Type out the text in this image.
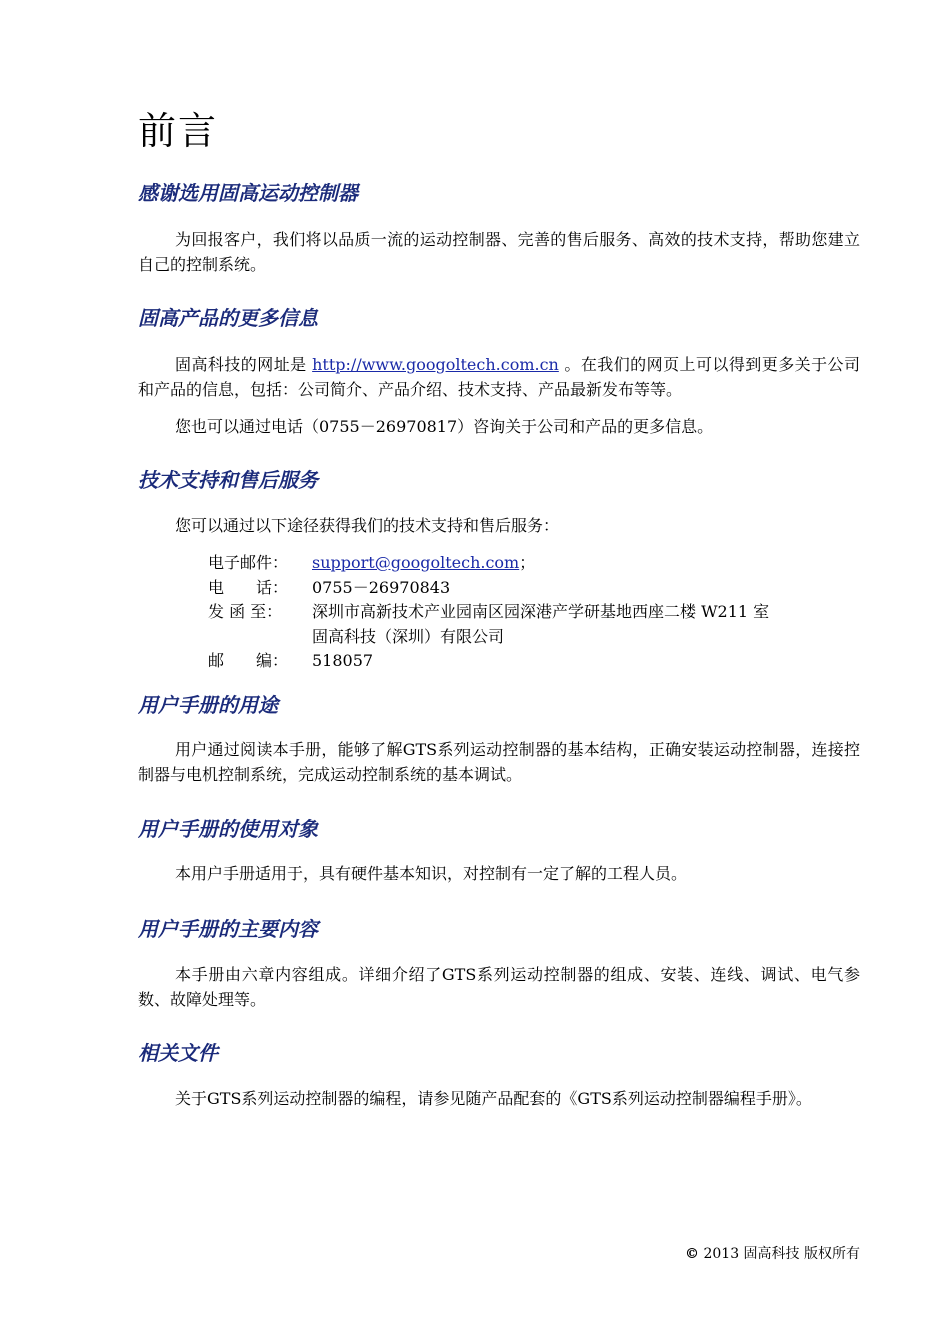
前言
感谢选用固高运动控制器

为回报客户，我们将以品质一流的运动控制器、完善的售后服务、高效的技术支持，帮助您建立自己的控制系统。

固高产品的更多信息

固高科技的网址是 http://www.googoltech.com.cn 。在我们的网页上可以得到更多关于公司和产品的信息，包括：公司简介、产品介绍、技术支持、产品最新发布等等。

您也可以通过电话（0755－26970817）咨询关于公司和产品的更多信息。

技术支持和售后服务

您可以通过以下途径获得我们的技术支持和售后服务：

电子邮件：	support@googoltech.com；
电　　话：	0755－26970843
发 函 至：	深圳市高新技术产业园南区园深港产学研基地西座二楼 W211 室
固高科技（深圳）有限公司
邮　　编：	518057
用户手册的用途

用户通过阅读本手册，能够了解GTS系列运动控制器的基本结构，正确安装运动控制器，连接控制器与电机控制系统，完成运动控制系统的基本调试。

用户手册的使用对象

本用户手册适用于，具有硬件基本知识，对控制有一定了解的工程人员。

用户手册的主要内容

本手册由六章内容组成。详细介绍了GTS系列运动控制器的组成、安装、连线、调试、电气参数、故障处理等。

相关文件

关于GTS系列运动控制器的编程，请参见随产品配套的《GTS系列运动控制器编程手册》。

© 2013 固高科技 版权所有
